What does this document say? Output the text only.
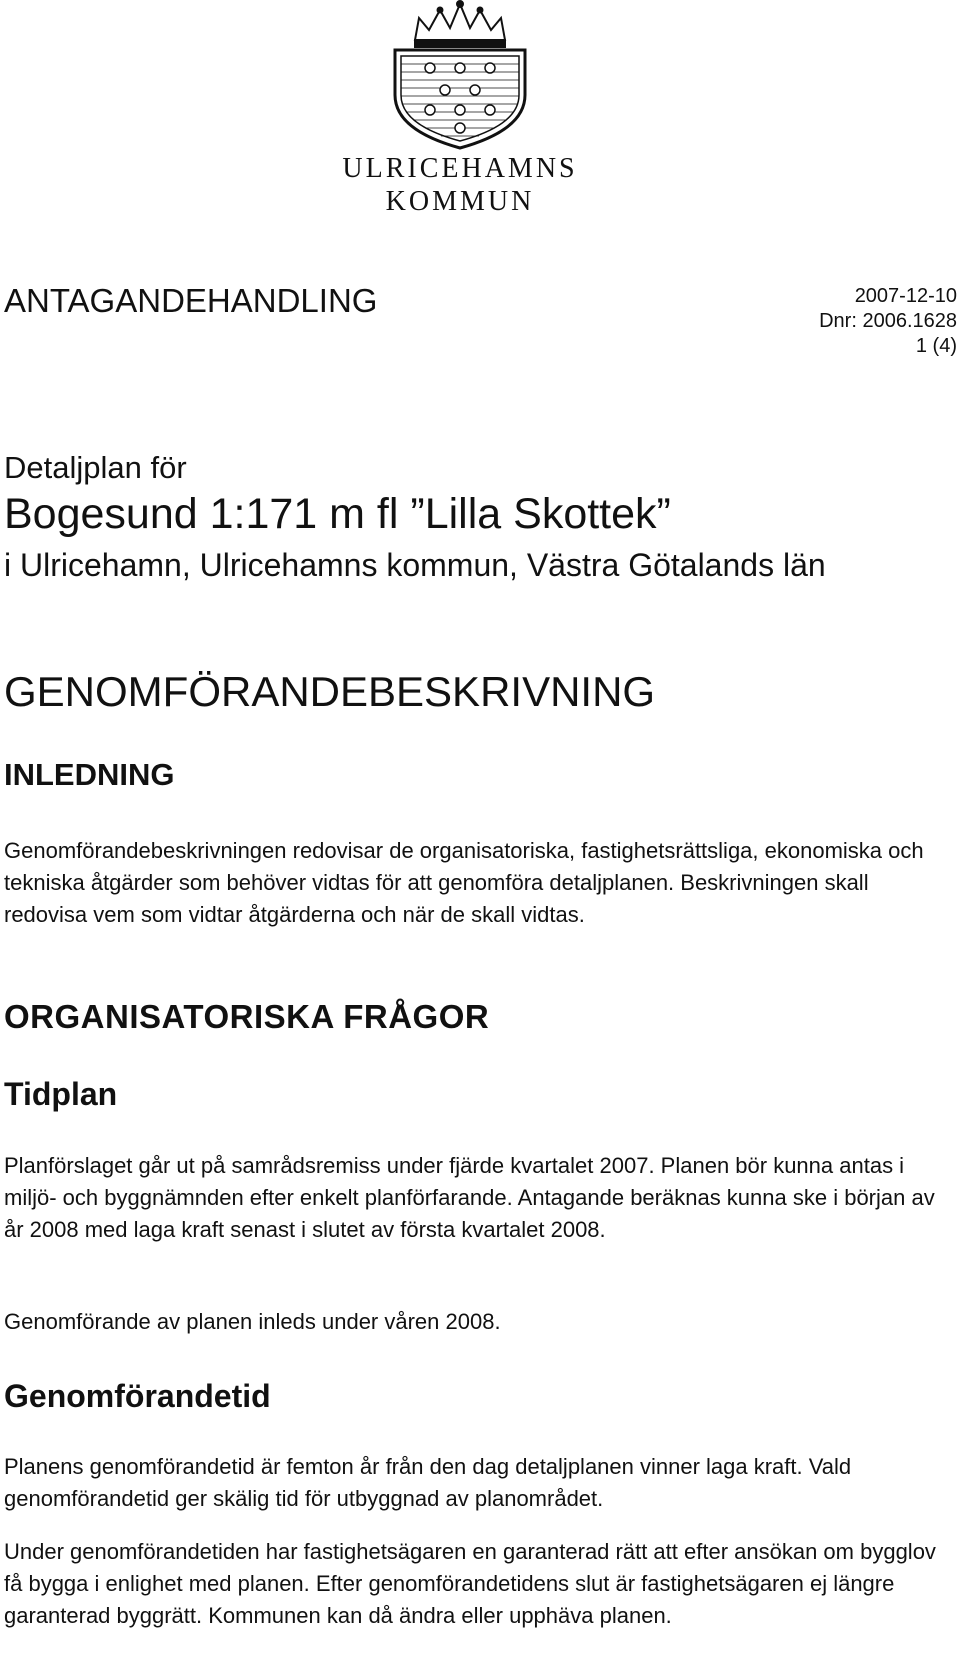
ULRICEHAMNS
KOMMUN
ANTAGANDEHANDLING	2007-12-10
Dnr: 2006.1628
1 (4)
Detaljplan för
Bogesund 1:171 m fl ”Lilla Skottek”
i Ulricehamn, Ulricehamns kommun, Västra Götalands län
GENOMFÖRANDEBESKRIVNING
INLEDNING

Genomförandebeskrivningen redovisar de organisatoriska, fastighetsrättsliga, ekonomiska och tekniska åtgärder som behöver vidtas för att genomföra detaljplanen. Beskrivningen skall redovisa vem som vidtar åtgärderna och när de skall vidtas.

ORGANISATORISKA FRÅGOR
Tidplan

Planförslaget går ut på samrådsremiss under fjärde kvartalet 2007. Planen bör kunna antas i miljö- och byggnämnden efter enkelt planförfarande. Antagande beräknas kunna ske i början av år 2008 med laga kraft senast i slutet av första kvartalet 2008.

Genomförande av planen inleds under våren 2008.

Genomförandetid

Planens genomförandetid är femton år från den dag detaljplanen vinner laga kraft. Vald genomförandetid ger skälig tid för utbyggnad av planområdet.

Under genomförandetiden har fastighetsägaren en garanterad rätt att efter ansökan om bygglov få bygga i enlighet med planen. Efter genomförandetidens slut är fastighetsägaren ej längre garanterad byggrätt. Kommunen kan då ändra eller upphäva planen.
